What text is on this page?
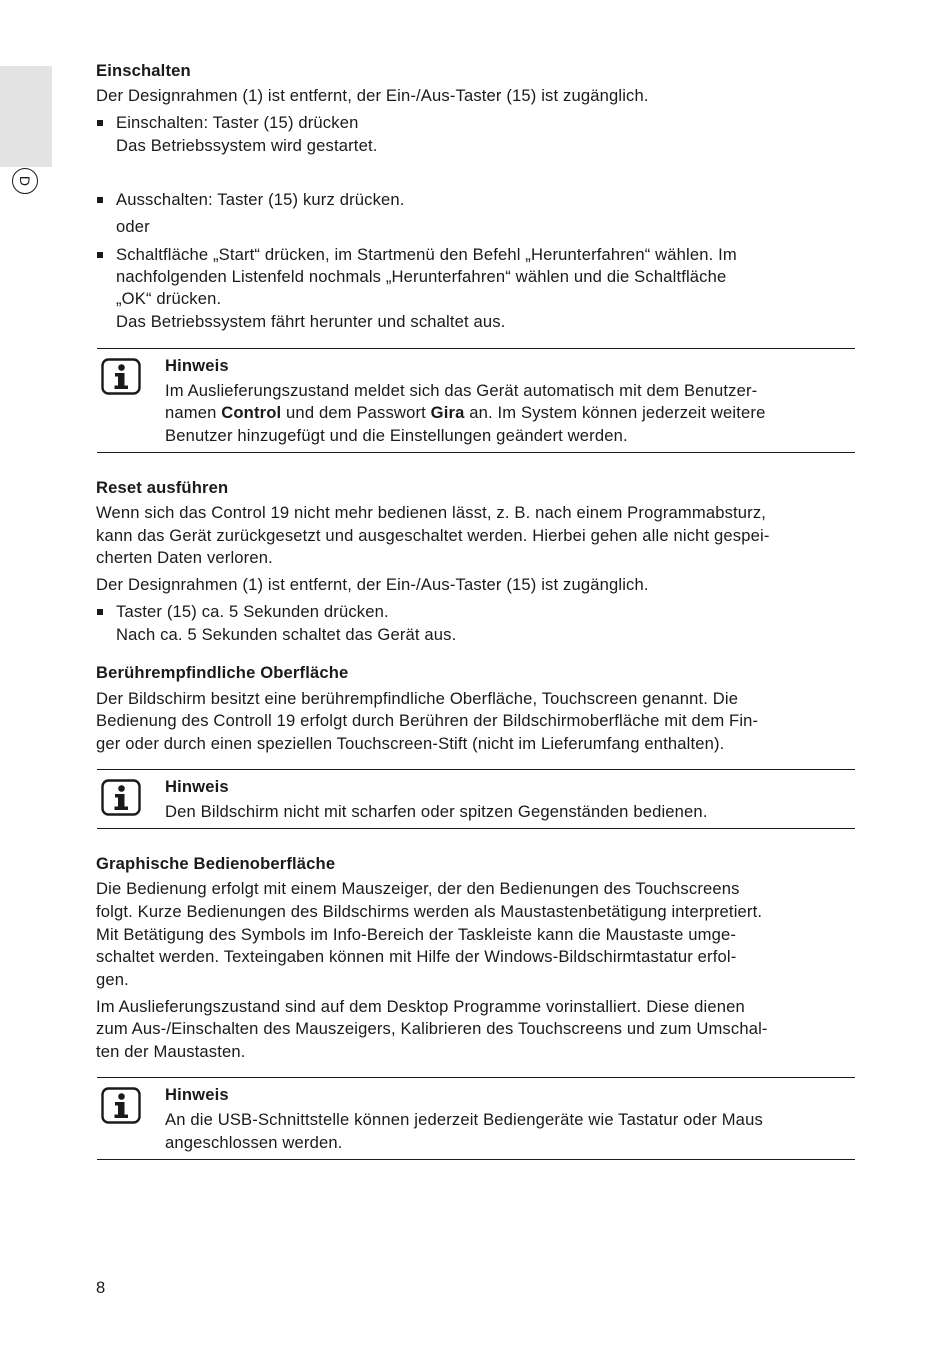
D
Einschalten
Der Designrahmen (1) ist entfernt, der Ein-/Aus-Taster (15) ist zugänglich.
Einschalten: Taster (15) drücken
Das Betriebssystem wird gestartet.
Ausschalten: Taster (15) kurz drücken.
oder
Schaltfläche „Start“ drücken, im Startmenü den Befehl „Herunterfahren“ wählen. Im
nachfolgenden Listenfeld nochmals „Herunterfahren“ wählen und die Schaltfläche
„OK“ drücken.
Das Betriebssystem fährt herunter und schaltet aus.
Hinweis
Im Auslieferungszustand meldet sich das Gerät automatisch mit dem Benutzer-
namen Control und dem Passwort Gira an. Im System können jederzeit weitere
Benutzer hinzugefügt und die Einstellungen geändert werden.
Reset ausführen
Wenn sich das Control 19 nicht mehr bedienen lässt, z. B. nach einem Programmabsturz,
kann das Gerät zurückgesetzt und ausgeschaltet werden. Hierbei gehen alle nicht gespei-
cherten Daten verloren.
Der Designrahmen (1) ist entfernt, der Ein-/Aus-Taster (15) ist zugänglich.
Taster (15) ca. 5 Sekunden drücken.
Nach ca. 5 Sekunden schaltet das Gerät aus.
Berührempfindliche Oberfläche
Der Bildschirm besitzt eine berührempfindliche Oberfläche, Touchscreen genannt. Die
Bedienung des Controll 19 erfolgt durch Berühren der Bildschirmoberfläche mit dem Fin-
ger oder durch einen speziellen Touchscreen-Stift (nicht im Lieferumfang enthalten).
Hinweis
Den Bildschirm nicht mit scharfen oder spitzen Gegenständen bedienen.
Graphische Bedienoberfläche
Die Bedienung erfolgt mit einem Mauszeiger, der den Bedienungen des Touchscreens
folgt. Kurze Bedienungen des Bildschirms werden als Maustastenbetätigung interpretiert.
Mit Betätigung des Symbols im Info-Bereich der Taskleiste kann die Maustaste umge-
schaltet werden. Texteingaben können mit Hilfe der Windows-Bildschirmtastatur erfol-
gen.
Im Auslieferungszustand sind auf dem Desktop Programme vorinstalliert. Diese dienen
zum Aus-/Einschalten des Mauszeigers, Kalibrieren des Touchscreens und zum Umschal-
ten der Maustasten.
Hinweis
An die USB-Schnittstelle können jederzeit Bediengeräte wie Tastatur oder Maus
angeschlossen werden.
8
